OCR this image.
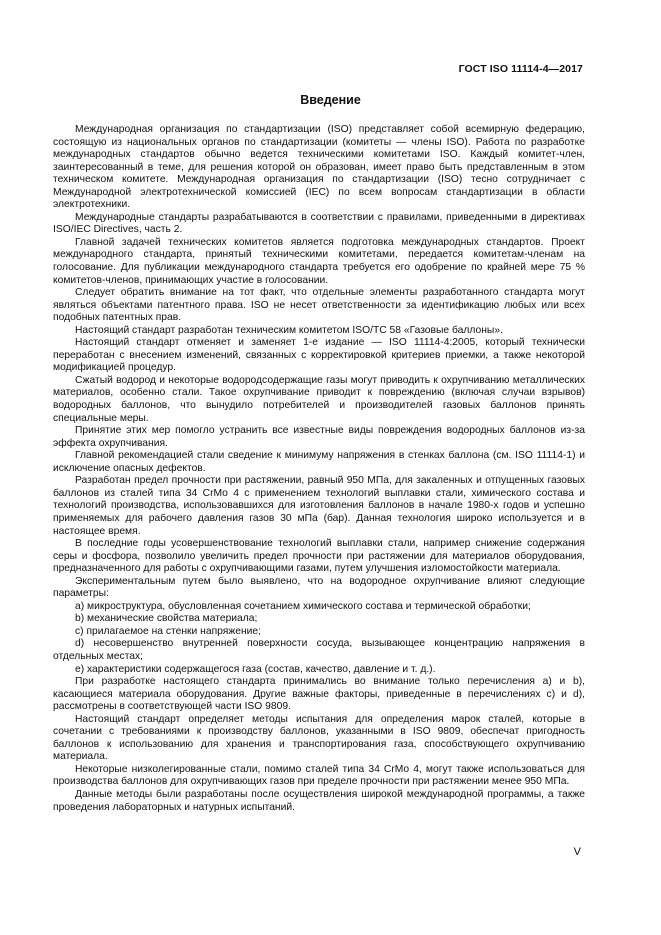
ГОСТ ISO 11114-4—2017
Введение

Международная организация по стандартизации (ISO) представляет собой всемирную федерацию, состоящую из национальных органов по стандартизации (комитеты — члены ISO). Работа по разработке международных стандартов обычно ведется техническими комитетами ISO. Каждый комитет-член, заинтересованный в теме, для решения которой он образован, имеет право быть представленным в этом техническом комитете. Международная организация по стандартизации (ISO) тесно сотрудничает с Международной электротехнической комиссией (IEC) по всем вопросам стандартизации в области электротехники.

Международные стандарты разрабатываются в соответствии с правилами, приведенными в директивах ISO/IEC Directives, часть 2.

Главной задачей технических комитетов является подготовка международных стандартов. Проект международного стандарта, принятый техническими комитетами, передается комитетам-членам на голосование. Для публикации международного стандарта требуется его одобрение по крайней мере 75 % комитетов-членов, принимающих участие в голосовании.

Следует обратить внимание на тот факт, что отдельные элементы разработанного стандарта могут являться объектами патентного права. ISO не несет ответственности за идентификацию любых или всех подобных патентных прав.

Настоящий стандарт разработан техническим комитетом ISO/TC 58 «Газовые баллоны».

Настоящий стандарт отменяет и заменяет 1-е издание — ISO 11114-4:2005, который технически переработан с внесением изменений, связанных с корректировкой критериев приемки, а также некоторой модификацией процедур.

Сжатый водород и некоторые водородсодержащие газы могут приводить к охрупчиванию металлических материалов, особенно стали. Такое охрупчивание приводит к повреждению (включая случаи взрывов) водородных баллонов, что вынудило потребителей и производителей газовых баллонов принять специальные меры.

Принятие этих мер помогло устранить все известные виды повреждения водородных баллонов из-за эффекта охрупчивания.

Главной рекомендацией стали сведение к минимуму напряжения в стенках баллона (см. ISO 11114-1) и исключение опасных дефектов.

Разработан предел прочности при растяжении, равный 950 МПа, для закаленных и отпущенных газовых баллонов из сталей типа 34 CrMo 4 с применением технологий выплавки стали, химического состава и технологий производства, использовавшихся для изготовления баллонов в начале 1980-х годов и успешно применяемых для рабочего давления газов 30 мПа (бар). Данная технология широко используется и в настоящее время.

В последние годы усовершенствование технологий выплавки стали, например снижение содержания серы и фосфора, позволило увеличить предел прочности при растяжении для материалов оборудования, предназначенного для работы с охрупчивающими газами, путем улучшения изломостойкости материала.

Экспериментальным путем было выявлено, что на водородное охрупчивание влияют следующие параметры:

a) микроструктура, обусловленная сочетанием химического состава и термической обработки;

b) механические свойства материала;

c) прилагаемое на стенки напряжение;

d) несовершенство внутренней поверхности сосуда, вызывающее концентрацию напряжения в отдельных местах;

e) характеристики содержащегося газа (состав, качество, давление и т. д.).

При разработке настоящего стандарта принимались во внимание только перечисления a) и b), касающиеся материала оборудования. Другие важные факторы, приведенные в перечислениях c) и d), рассмотрены в соответствующей части ISO 9809.

Настоящий стандарт определяет методы испытания для определения марок сталей, которые в сочетании с требованиями к производству баллонов, указанными в ISO 9809, обеспечат пригодность баллонов к использованию для хранения и транспортирования газа, способствующего охрупчиванию материала.

Некоторые низколегированные стали, помимо сталей типа 34 CrMo 4, могут также использоваться для производства баллонов для охрупчивающих газов при пределе прочности при растяжении менее 950 МПа.

Данные методы были разработаны после осуществления широкой международной программы, а также проведения лабораторных и натурных испытаний.

V
